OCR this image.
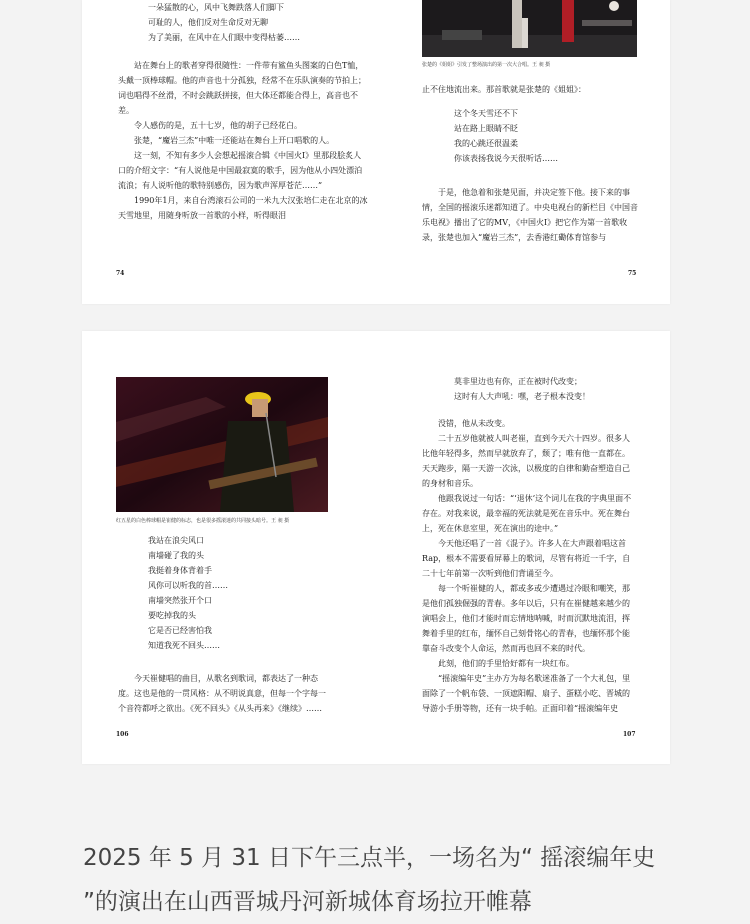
一朵猛散的心，风中飞舞跌落人们脚下

可耻的人，他们反对生命反对无聊

为了美丽，在风中在人们眼中变得枯萎……

站在舞台上的歌者穿得很随性：一件带有鲨鱼头图案的白色T恤，头戴一顶棒球帽。他的声音也十分孤独，经常不在乐队演奏的节拍上；词也唱得不丝滑，不时会跳跃拼接，但大体还都能合得上，高音也不差。

令人感伤的是，五十七岁，他的胡子已经花白。

张楚，“魔岩三杰”中唯一还能站在舞台上开口唱歌的人。

这一刻，不知有多少人会想起摇滚合辑《中国火Ⅰ》里那段脍炙人口的介绍文字：“有人说他是中国最寂寞的歌手，因为他从小四处漂泊流浪；有人说听他的歌特别感伤，因为歌声浑厚苍茫……”

1990年1月，来自台湾滚石公司的一米九大汉张培仁走在北京的冰天雪地里，用随身听放一首歌的小样，听得眼泪

74
张楚的《姐姐》引发了整场演出的第一次大合唱。王 昶 摄

止不住地流出来。那首歌就是张楚的《姐姐》：

这个冬天雪还不下

站在路上眼睛不眨

我的心跳还很温柔

你该表扬我说今天很听话……

于是，他急着和张楚见面，并决定签下他。接下来的事情，全国的摇滚乐迷都知道了。中央电视台的新栏目《中国音乐电视》播出了它的MV，《中国火Ⅰ》把它作为第一首歌收录，张楚也加入“魔岩三杰”，去香港红磡体育馆参与

75
红五星的白色棒球帽是崔健的标志，也是很多摇滚迷的共同接头暗号。王 昶 摄

我站在浪尖风口

南墙碰了我的头

我挺着身体背着手

风你可以听我的首……

南墙突然张开个口

要吃掉我的头

它是否已经害怕我

知道我死不回头……

今天崔健唱的曲目，从歌名到歌词，都表达了一种态度。这也是他的一贯风格：从不明说真意，但每一个字每一个音符都呼之欲出。《死不回头》《从头再来》《继续》……

106

莫非里边也有你，正在被时代改变；

这时有人大声吼：嘿，老子根本没变！

没错，他从未改变。

二十五岁他就被人叫老崔，直到今天六十四岁。很多人比他年轻得多，然而早就放弃了，颓了；唯有他一直都在。天天跑步，隔一天游一次泳，以极度的自律和勤奋塑造自己的身材和音乐。

他跟我说过一句话：“‘退休’这个词儿在我的字典里面不存在。对我来说，最幸福的死法就是死在音乐中。死在舞台上，死在休息室里，死在演出的途中。”

今天他还唱了一首《混子》。许多人在大声跟着唱这首Rap，根本不需要看屏幕上的歌词，尽管有将近一千字，自二十七年前第一次听到他们背诵至今。

每一个听崔健的人，都或多或少遭遇过冷眼和嘲笑，那是他们孤独倔强的青春。多年以后，只有在崔健越来越少的演唱会上，他们才能时而忘情地呐喊，时而沉默地流泪，挥舞着手里的红布，缅怀自己刻骨铭心的青春，也缅怀那个能靠奋斗改变个人命运，然而再也回不来的时代。

此刻，他们的手里恰好都有一块红布。

“摇滚编年史”主办方为每名歌迷准备了一个大礼包，里面除了一个帆布袋、一顶遮阳帽、扇子、蛋糕小吃、晋城的导游小手册等物，还有一块手帕。正面印着“摇滚编年史

107
2025 年 5 月 31 日下午三点半，一场名为“ 摇滚编年史 ”的演出在山西晋城丹河新城体育场拉开帷幕
